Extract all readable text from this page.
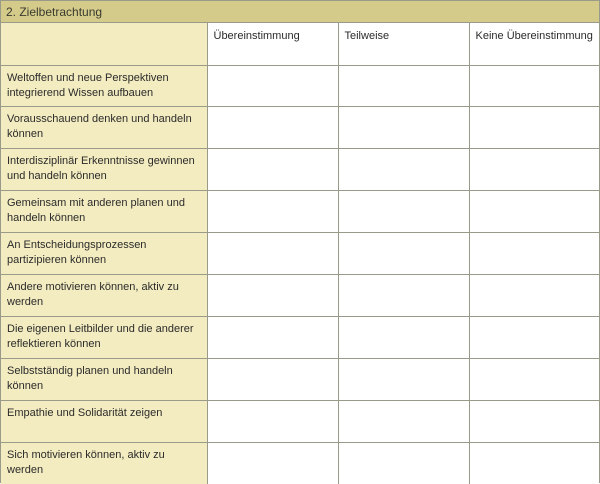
2. Zielbetrachtung
	Übereinstimmung	Teilweise	Keine Übereinstimmung
Weltoffen und neue Perspektiven integrierend Wissen aufbauen			
Vorausschauend denken und handeln können			
Interdisziplinär Erkenntnisse gewinnen und handeln können			
Gemeinsam mit anderen planen und handeln können			
An Entscheidungsprozessen partizipieren können			
Andere motivieren können, aktiv zu werden			
Die eigenen Leitbilder und die anderer reflektieren können			
Selbstständig planen und handeln können			
Empathie und Solidarität zeigen			
Sich motivieren können, aktiv zu werden			
